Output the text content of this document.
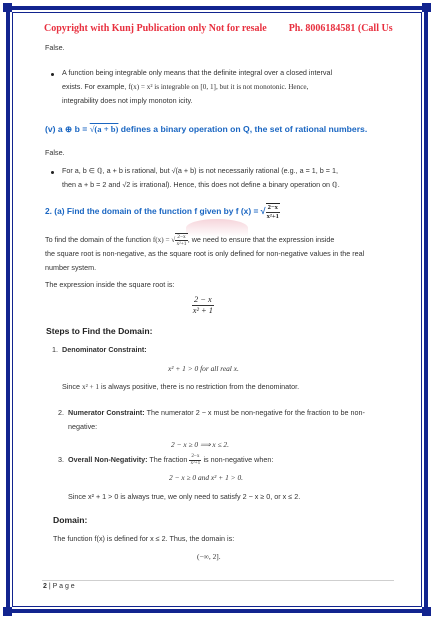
Copyright with Kunj Publication only Not for resale Ph. 8006184581 (Call Us
False.
A function being integrable only means that the definite integral over a closed interval
exists. For example, f(x) = x² is integrable on [0, 1], but it is not monotonic. Hence,
integrability does not imply monoton icity.
(v) a ⊕ b = √(a + b) defines a binary operation on Q, the set of rational numbers.
False.
For a, b ∈ ℚ, a + b is rational, but √(a + b) is not necessarily rational (e.g., a = 1, b = 1,
then a + b = 2 and √2 is irrational). Hence, this does not define a binary operation on ℚ.
2. (a) Find the domain of the function f given by f (x) = √ $\frac{2-x}{\text{x²+1}}$
To find the domain of the function f(x) = √ $\frac{2-x}{\text{x²+1}}$ , we need to ensure that the expression inside
the square root is non-negative, as the square root is only defined for non-negative values in the real
number system.
The expression inside the square root is:
$\frac{2 - x}{\text{x² + 1}}$
Steps to Find the Domain:
1. Denominator Constraint:
x² + 1 > 0 for all real x.
Since x² + 1 is always positive, there is no restriction from the denominator.
2. Numerator Constraint: The numerator 2 − x must be non-negative for the fraction to be non-
negative:
2 − x ≥ 0 ⟹ x ≤ 2.
3. Overall Non-Negativity: The fraction $\frac{2-x}{\text{x²+1}}$ is non-negative when:
2 − x ≥ 0 and x² + 1 > 0.
Since x² + 1 > 0 is always true, we only need to satisfy 2 − x ≥ 0, or x ≤ 2.
Domain:
The function f(x) is defined for x ≤ 2. Thus, the domain is:
(−∞, 2].
2 | P a g e
